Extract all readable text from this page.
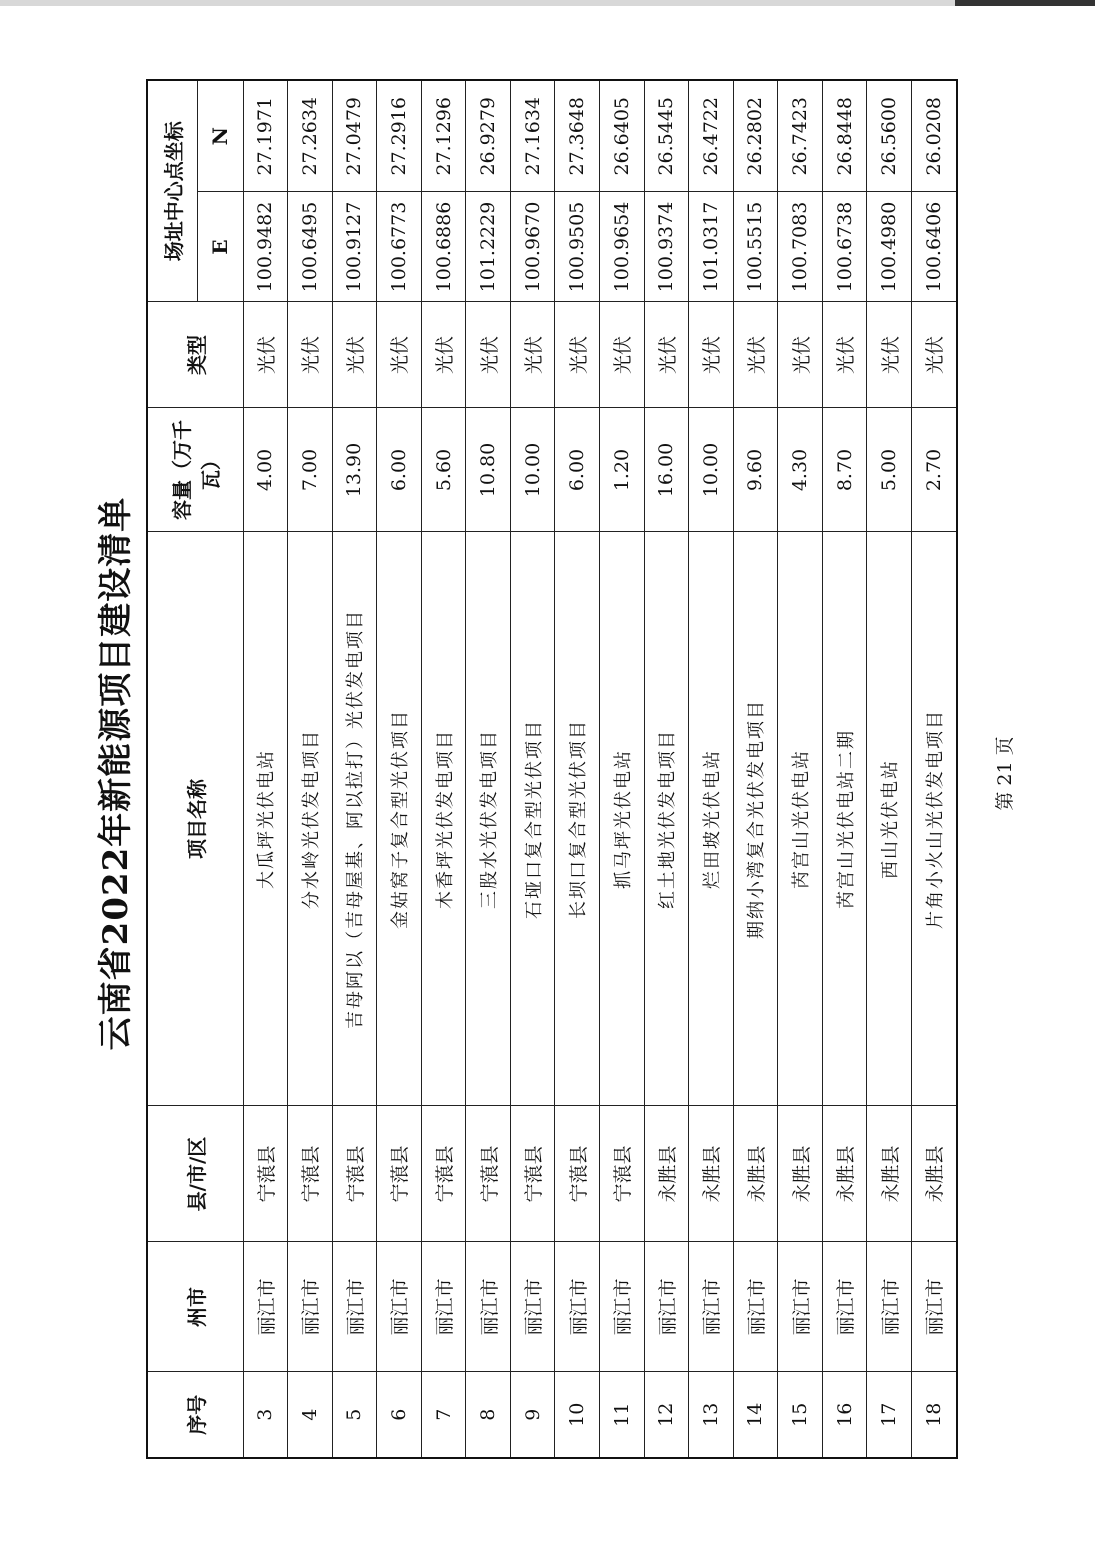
云南省2022年新能源项目建设清单
序号	州市	县/市/区	项目名称	容量（万千瓦）	类型	场址中心点坐标	
						E	N
3	丽江市	宁蒗县	大瓜坪光伏电站	4.00	光伏	100.9482	27.1971
4	丽江市	宁蒗县	分水岭光伏发电项目	7.00	光伏	100.6495	27.2634
5	丽江市	宁蒗县	吉母阿以（吉母屋基、阿以拉打）光伏发电项目	13.90	光伏	100.9127	27.0479
6	丽江市	宁蒗县	金姑窝子复合型光伏项目	6.00	光伏	100.6773	27.2916
7	丽江市	宁蒗县	木香坪光伏发电项目	5.60	光伏	100.6886	27.1296
8	丽江市	宁蒗县	三股水光伏发电项目	10.80	光伏	101.2229	26.9279
9	丽江市	宁蒗县	石垭口复合型光伏项目	10.00	光伏	100.9670	27.1634
10	丽江市	宁蒗县	长坝口复合型光伏项目	6.00	光伏	100.9505	27.3648
11	丽江市	宁蒗县	抓马坪光伏电站	1.20	光伏	100.9654	26.6405
12	丽江市	永胜县	红土地光伏发电项目	16.00	光伏	100.9374	26.5445
13	丽江市	永胜县	烂田坡光伏电站	10.00	光伏	101.0317	26.4722
14	丽江市	永胜县	期纳小湾复合光伏发电项目	9.60	光伏	100.5515	26.2802
15	丽江市	永胜县	芮宫山光伏电站	4.30	光伏	100.7083	26.7423
16	丽江市	永胜县	芮宫山光伏电站二期	8.70	光伏	100.6738	26.8448
17	丽江市	永胜县	西山光伏电站	5.00	光伏	100.4980	26.5600
18	丽江市	永胜县	片角小火山光伏发电项目	2.70	光伏	100.6406	26.0208
第 21 页
